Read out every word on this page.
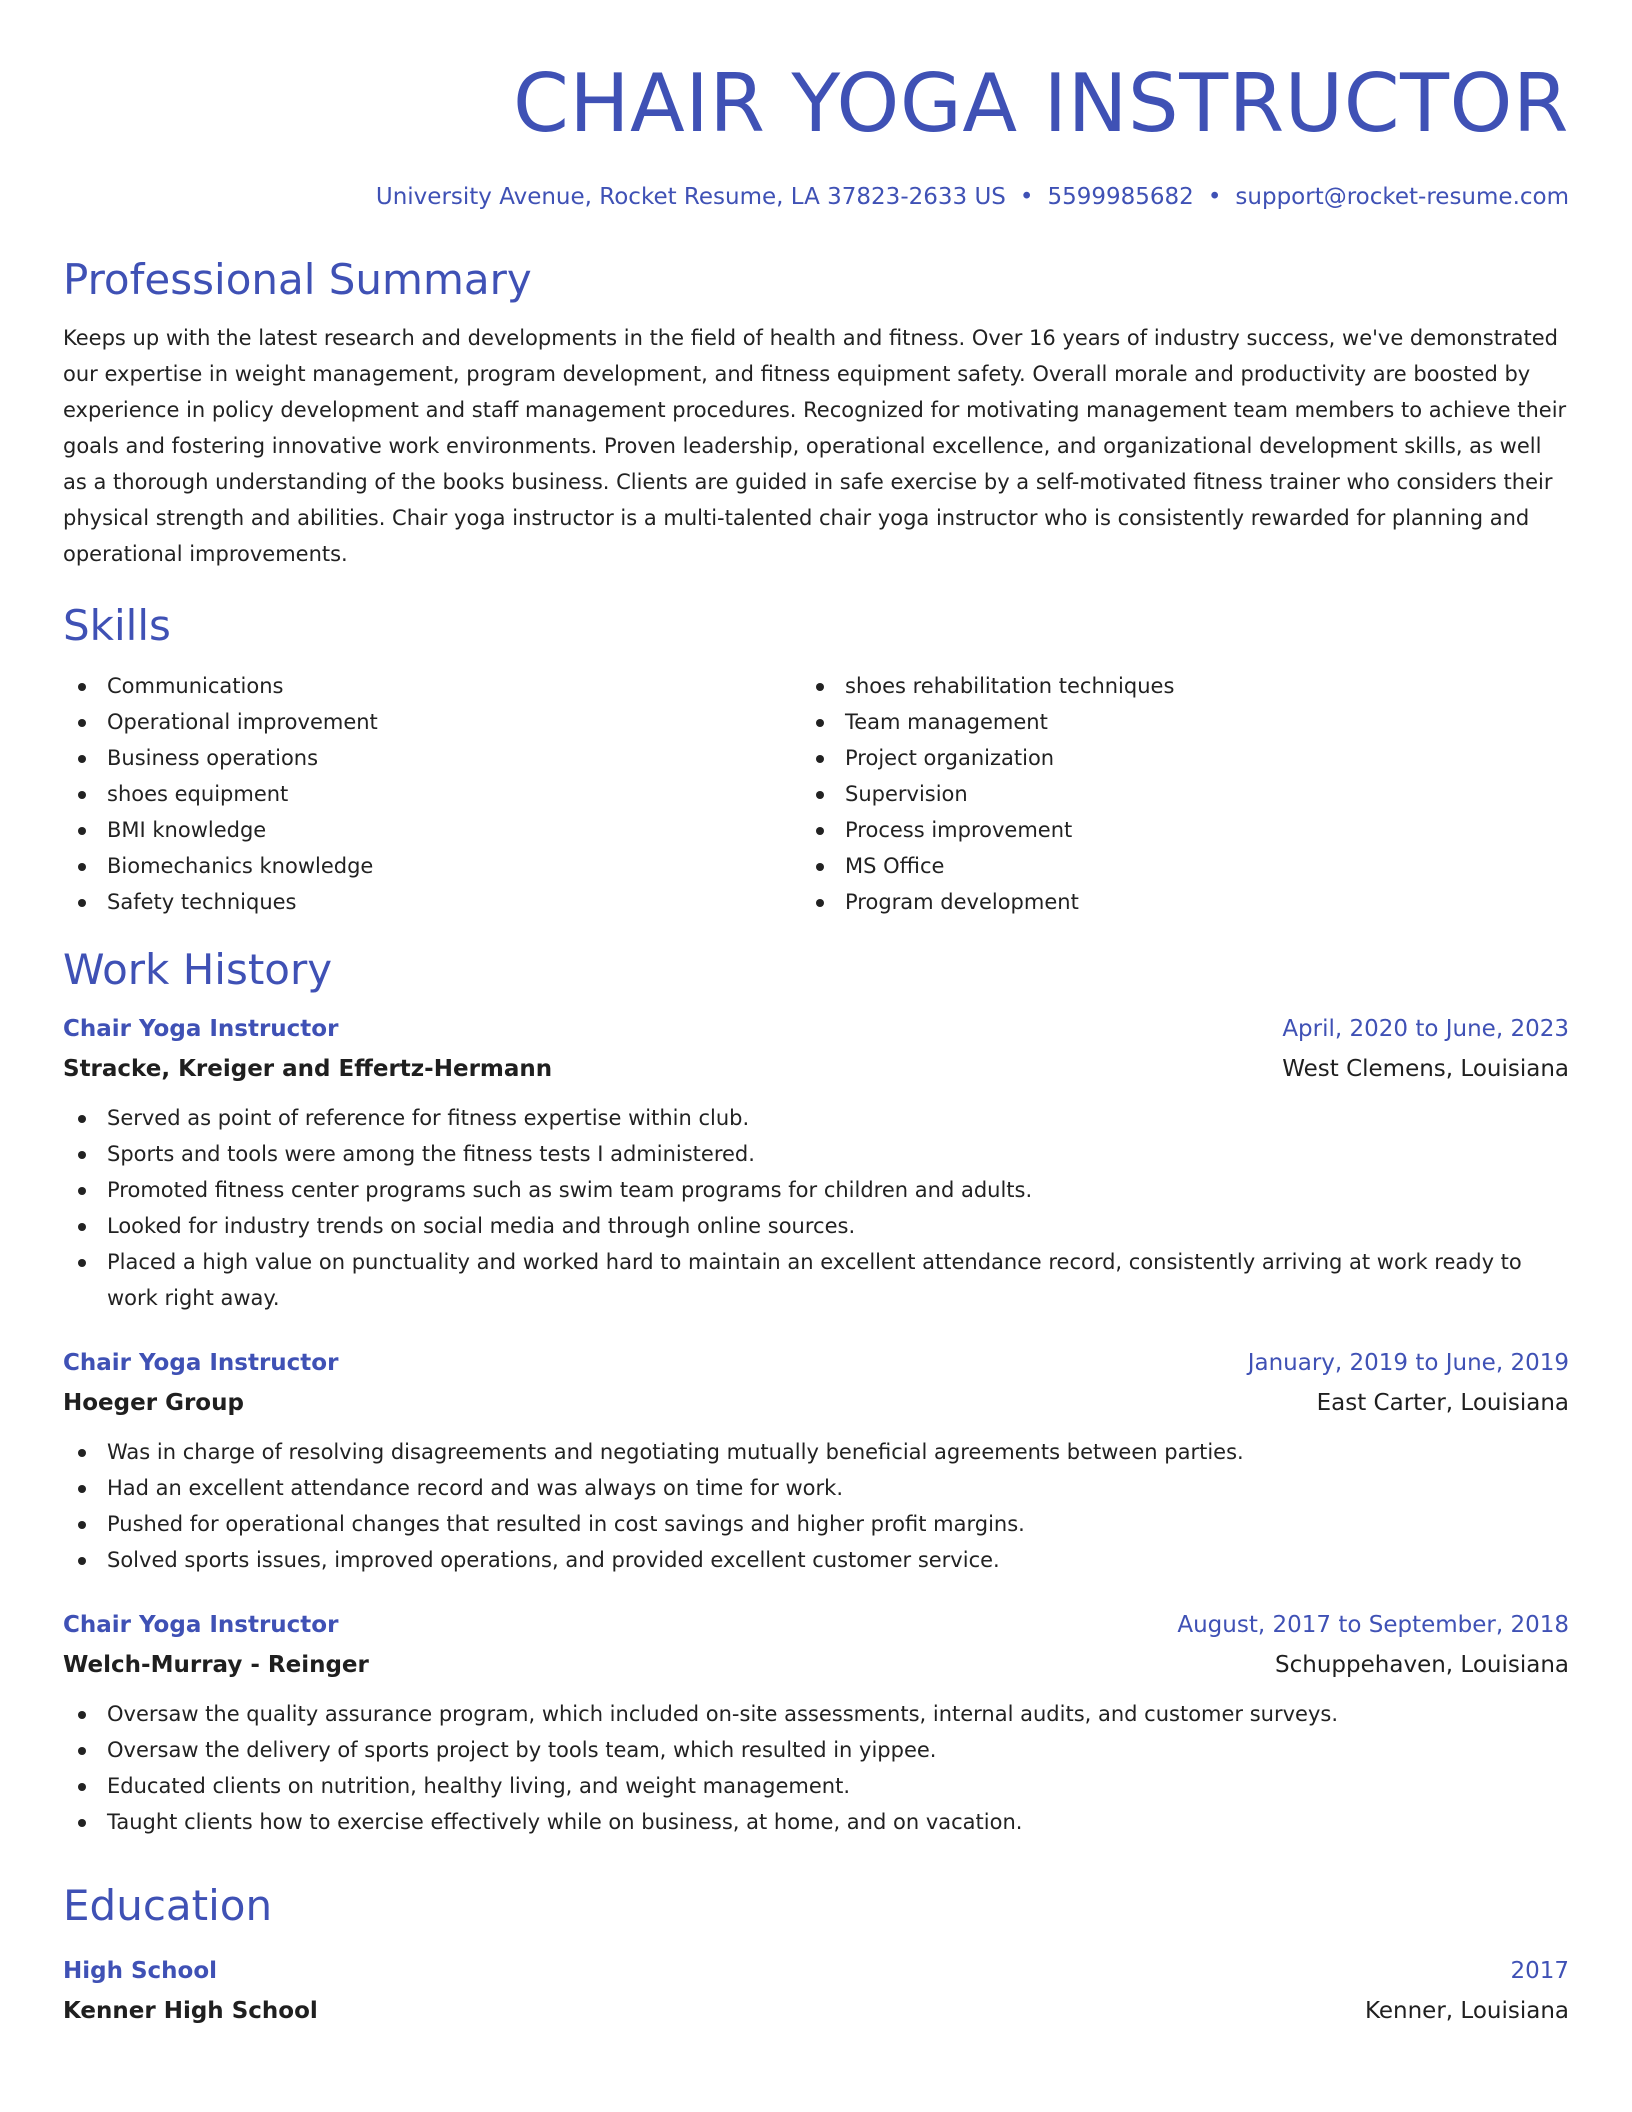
CHAIR YOGA INSTRUCTOR
University Avenue, Rocket Resume, LA 37823-2633 US • 5599985682 • support@rocket-resume.com
Professional Summary

Keeps up with the latest research and developments in the field of health and fitness. Over 16 years of industry success, we've demonstrated our expertise in weight management, program development, and fitness equipment safety. Overall morale and productivity are boosted by experience in policy development and staff management procedures. Recognized for motivating management team members to achieve their goals and fostering innovative work environments. Proven leadership, operational excellence, and organizational development skills, as well as a thorough understanding of the books business. Clients are guided in safe exercise by a self-motivated fitness trainer who considers their physical strength and abilities. Chair yoga instructor is a multi-talented chair yoga instructor who is consistently rewarded for planning and operational improvements.

Skills
Communications
Operational improvement
Business operations
shoes equipment
BMI knowledge
Biomechanics knowledge
Safety techniques
shoes rehabilitation techniques
Team management
Project organization
Supervision
Process improvement
MS Office
Program development
Work History
Chair Yoga Instructor	April, 2020 to June, 2023
Stracke, Kreiger and Effertz-Hermann	West Clemens, Louisiana
Served as point of reference for fitness expertise within club.
Sports and tools were among the fitness tests I administered.
Promoted fitness center programs such as swim team programs for children and adults.
Looked for industry trends on social media and through online sources.
Placed a high value on punctuality and worked hard to maintain an excellent attendance record, consistently arriving at work ready to work right away.
Chair Yoga Instructor	January, 2019 to June, 2019
Hoeger Group	East Carter, Louisiana
Was in charge of resolving disagreements and negotiating mutually beneficial agreements between parties.
Had an excellent attendance record and was always on time for work.
Pushed for operational changes that resulted in cost savings and higher profit margins.
Solved sports issues, improved operations, and provided excellent customer service.
Chair Yoga Instructor	August, 2017 to September, 2018
Welch-Murray - Reinger	Schuppehaven, Louisiana
Oversaw the quality assurance program, which included on-site assessments, internal audits, and customer surveys.
Oversaw the delivery of sports project by tools team, which resulted in yippee.
Educated clients on nutrition, healthy living, and weight management.
Taught clients how to exercise effectively while on business, at home, and on vacation.
Education
High School	2017
Kenner High School	Kenner, Louisiana
